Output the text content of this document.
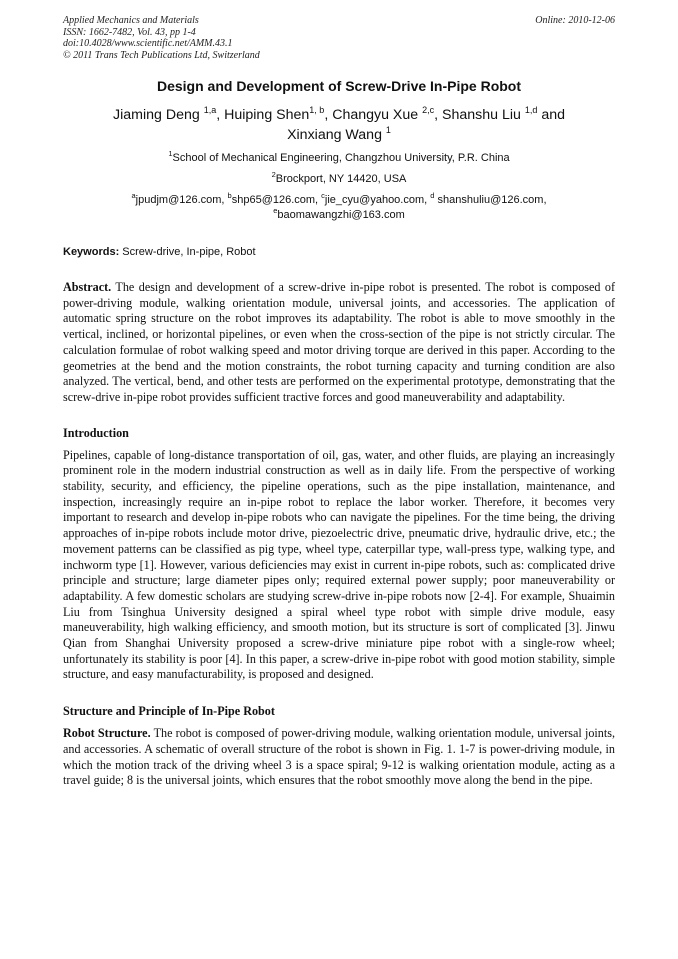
Applied Mechanics and Materials
ISSN: 1662-7482, Vol. 43, pp 1-4
doi:10.4028/www.scientific.net/AMM.43.1
© 2011 Trans Tech Publications Ltd, Switzerland
Online: 2010-12-06
Design and Development of Screw-Drive In-Pipe Robot
Jiaming Deng $^{1,a}$, Huiping Shen$^{1, b}$, Changyu Xue $^{2,c}$, Shanshu Liu $^{1,d}$ and
Xinxiang Wang $^1$
$^1$School of Mechanical Engineering, Changzhou University, P.R. China
$^2$Brockport, NY 14420, USA
$^a$jpudjm@126.com, $^b$shp65@126.com, $^c$jie_cyu@yahoo.com, $^d$ shanshuliu@126.com,
$^e$baomawangzhi@163.com
Keywords: Screw-drive, In-pipe, Robot
Abstract. The design and development of a screw-drive in-pipe robot is presented. The robot is composed of power-driving module, walking orientation module, universal joints, and accessories. The application of automatic spring structure on the robot improves its adaptability. The robot is able to move smoothly in the vertical, inclined, or horizontal pipelines, or even when the cross-section of the pipe is not strictly circular. The calculation formulae of robot walking speed and motor driving torque are derived in this paper. According to the geometries at the bend and the motion constraints, the robot turning capacity and turning condition are also analyzed. The vertical, bend, and other tests are performed on the experimental prototype, demonstrating that the screw-drive in-pipe robot provides sufficient tractive forces and good maneuverability and adaptability.
Introduction
Pipelines, capable of long-distance transportation of oil, gas, water, and other fluids, are playing an increasingly prominent role in the modern industrial construction as well as in daily life. From the perspective of working stability, security, and efficiency, the pipeline operations, such as the pipe installation, maintenance, and inspection, increasingly require an in-pipe robot to replace the labor worker. Therefore, it becomes very important to research and develop in-pipe robots who can navigate the pipelines. For the time being, the driving approaches of in-pipe robots include motor drive, piezoelectric drive, pneumatic drive, hydraulic drive, etc.; the movement patterns can be classified as pig type, wheel type, caterpillar type, wall-press type, walking type, and inchworm type [1]. However, various deficiencies may exist in current in-pipe robots, such as: complicated drive principle and structure; large diameter pipes only; required external power supply; poor maneuverability or adaptability. A few domestic scholars are studying screw-drive in-pipe robots now [2-4]. For example, Shuaimin Liu from Tsinghua University designed a spiral wheel type robot with simple drive module, easy maneuverability, high walking efficiency, and smooth motion, but its structure is sort of complicated [3]. Jinwu Qian from Shanghai University proposed a screw-drive miniature pipe robot with a single-row wheel; unfortunately its stability is poor [4]. In this paper, a screw-drive in-pipe robot with good motion stability, simple structure, and easy manufacturability, is proposed and designed.
Structure and Principle of In-Pipe Robot
Robot Structure. The robot is composed of power-driving module, walking orientation module, universal joints, and accessories. A schematic of overall structure of the robot is shown in Fig. 1. 1-7 is power-driving module, in which the motion track of the driving wheel 3 is a space spiral; 9-12 is walking orientation module, acting as a travel guide; 8 is the universal joints, which ensures that the robot smoothly move along the bend in the pipe.
